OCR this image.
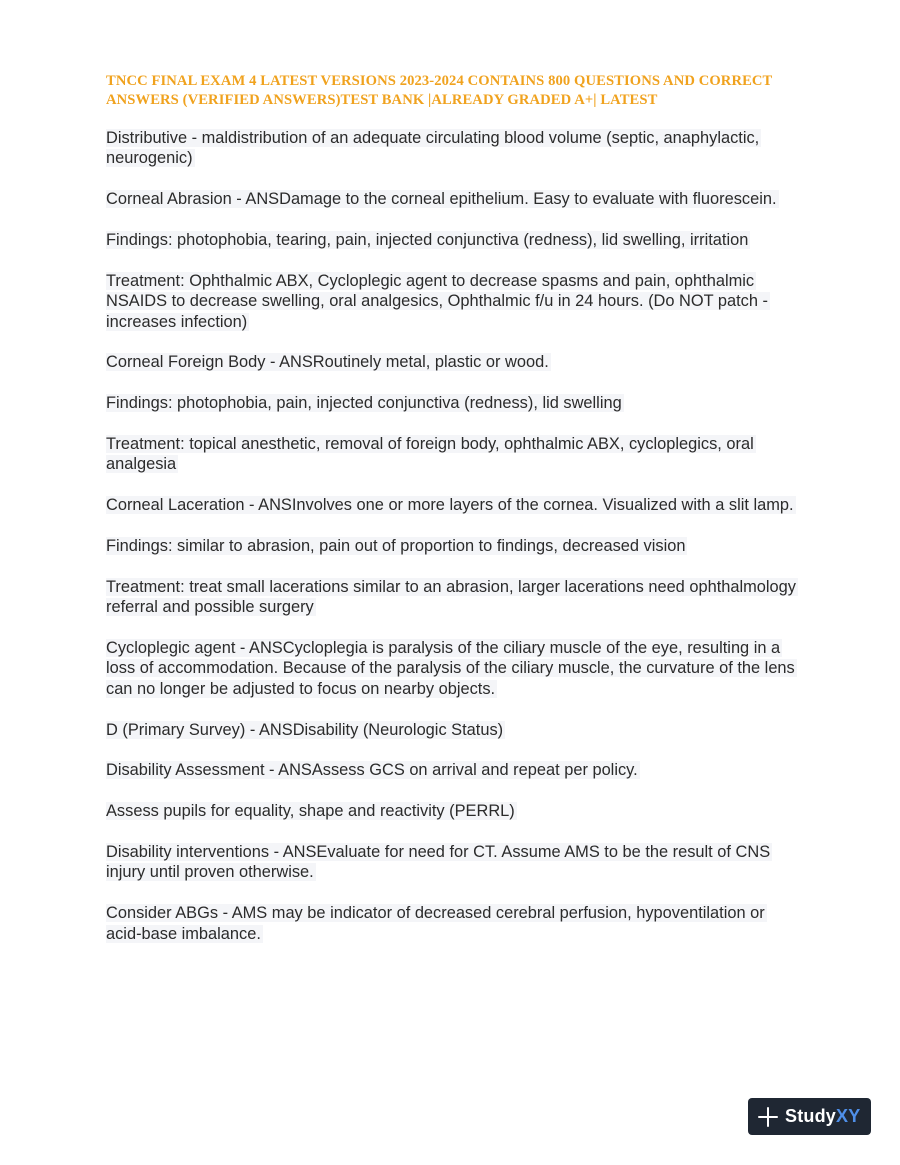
TNCC FINAL EXAM 4 LATEST VERSIONS 2023-2024 CONTAINS 800 QUESTIONS AND CORRECT ANSWERS (VERIFIED ANSWERS)TEST BANK |ALREADY GRADED A+| LATEST

Distributive - maldistribution of an adequate circulating blood volume (septic, anaphylactic, neurogenic)

Corneal Abrasion - ANSDamage to the corneal epithelium. Easy to evaluate with fluorescein.

Findings: photophobia, tearing, pain, injected conjunctiva (redness), lid swelling, irritation

Treatment: Ophthalmic ABX, Cycloplegic agent to decrease spasms and pain, ophthalmic NSAIDS to decrease swelling, oral analgesics, Ophthalmic f/u in 24 hours. (Do NOT patch - increases infection)

Corneal Foreign Body - ANSRoutinely metal, plastic or wood.

Findings: photophobia, pain, injected conjunctiva (redness), lid swelling

Treatment: topical anesthetic, removal of foreign body, ophthalmic ABX, cycloplegics, oral analgesia

Corneal Laceration - ANSInvolves one or more layers of the cornea. Visualized with a slit lamp.

Findings: similar to abrasion, pain out of proportion to findings, decreased vision

Treatment: treat small lacerations similar to an abrasion, larger lacerations need ophthalmology referral and possible surgery

Cycloplegic agent - ANSCycloplegia is paralysis of the ciliary muscle of the eye, resulting in a loss of accommodation. Because of the paralysis of the ciliary muscle, the curvature of the lens can no longer be adjusted to focus on nearby objects.

D (Primary Survey) - ANSDisability (Neurologic Status)

Disability Assessment - ANSAssess GCS on arrival and repeat per policy.

Assess pupils for equality, shape and reactivity (PERRL)

Disability interventions - ANSEvaluate for need for CT. Assume AMS to be the result of CNS injury until proven otherwise.

Consider ABGs - AMS may be indicator of decreased cerebral perfusion, hypoventilation or acid-base imbalance.

StudyXY
